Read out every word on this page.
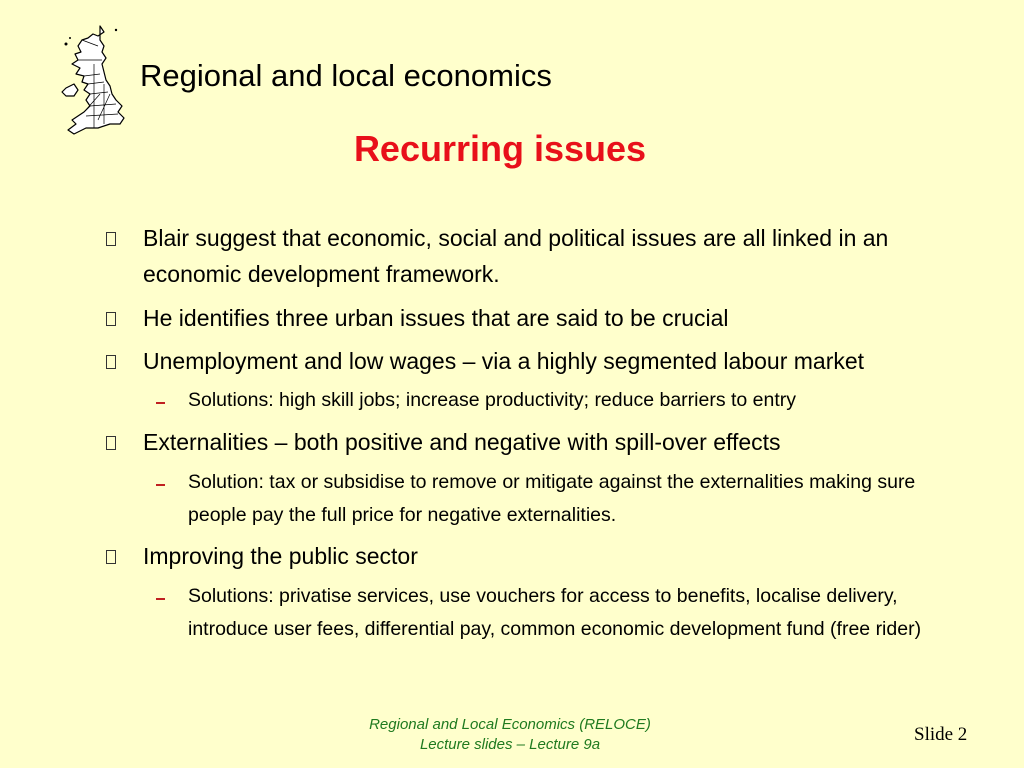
Regional and local economics
Recurring issues
Blair suggest that economic, social and political issues are all linked in an economic development framework.
He identifies three urban issues that are said to be crucial
Unemployment and low wages – via a highly segmented labour market
Solutions: high skill jobs; increase productivity; reduce barriers to entry
Externalities – both positive and negative with spill-over effects
Solution: tax or subsidise to remove or mitigate against the externalities making sure people pay the full price for negative externalities.
Improving the public sector
Solutions: privatise services, use vouchers for access to benefits, localise delivery, introduce user fees, differential pay, common economic development fund (free rider)
Regional and Local Economics (RELOCE)
Lecture slides – Lecture 9a	Slide 2
